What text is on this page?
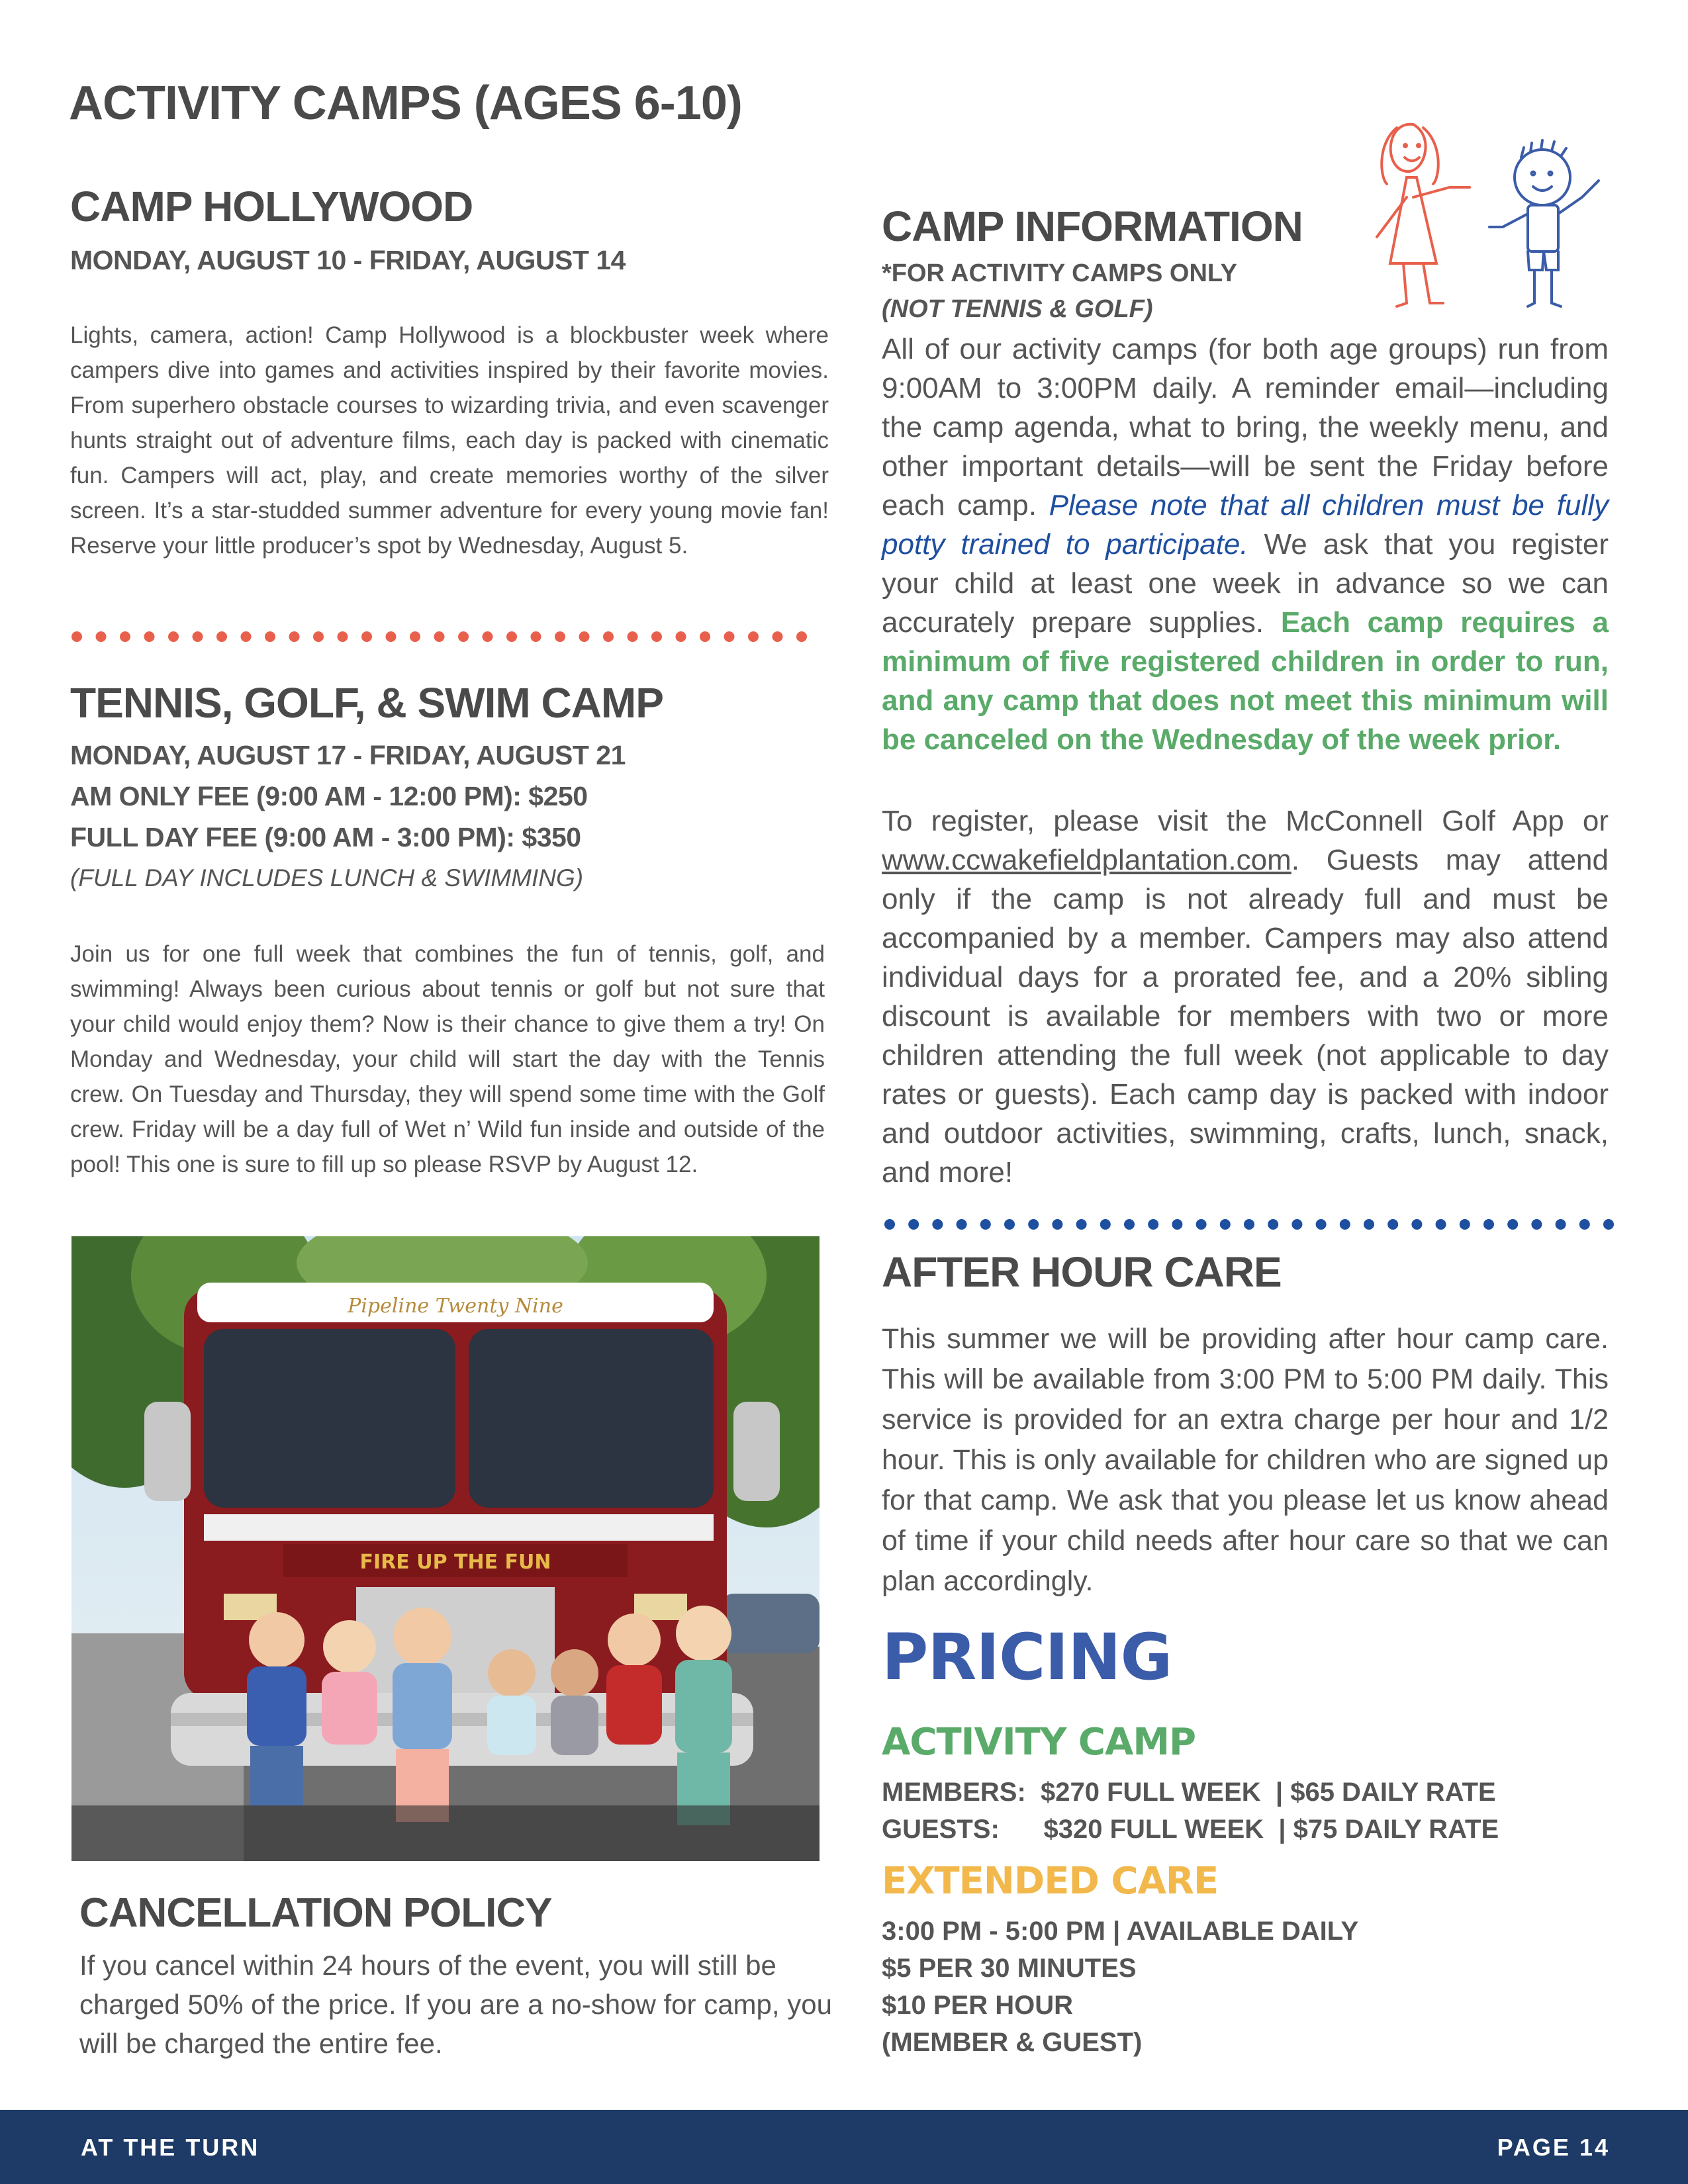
ACTIVITY CAMPS (AGES 6-10)
CAMP HOLLYWOOD
MONDAY, AUGUST 10 - FRIDAY, AUGUST 14

Lights, camera, action! Camp Hollywood is a blockbuster week where campers dive into games and activities inspired by their favorite movies. From superhero obstacle courses to wizarding trivia, and even scavenger hunts straight out of adventure films, each day is packed with cinematic fun. Campers will act, play, and create memories worthy of the silver screen. It’s a star-studded summer adventure for every young movie fan! Reserve your little producer’s spot by Wednesday, August 5.

TENNIS, GOLF, & SWIM CAMP
MONDAY, AUGUST 17 - FRIDAY, AUGUST 21
AM ONLY FEE (9:00 AM - 12:00 PM): $250
FULL DAY FEE (9:00 AM - 3:00 PM): $350
(FULL DAY INCLUDES LUNCH & SWIMMING)

Join us for one full week that combines the fun of tennis, golf, and swimming! Always been curious about tennis or golf but not sure that your child would enjoy them? Now is their chance to give them a try! On Monday and Wednesday, your child will start the day with the Tennis crew. On Tuesday and Thursday, they will spend some time with the Golf crew. Friday will be a day full of Wet n’ Wild fun inside and outside of the pool! This one is sure to fill up so please RSVP by August 12.

Pipeline Twenty Nine
FIRE UP THE FUN
CANCELLATION POLICY

If you cancel within 24 hours of the event, you will still be charged 50% of the price. If you are a no-show for camp, you will be charged the entire fee.

CAMP INFORMATION
*FOR ACTIVITY CAMPS ONLY
(NOT TENNIS & GOLF)

All of our activity camps (for both age groups) run from 9:00AM to 3:00PM daily. A reminder email—including the camp agenda, what to bring, the weekly menu, and other important details—will be sent the Friday before each camp. Please note that all children must be fully potty trained to participate. We ask that you register your child at least one week in advance so we can accurately prepare supplies. Each camp requires a minimum of five registered children in order to run, and any camp that does not meet this minimum will be canceled on the Wednesday of the week prior.

To register, please visit the McConnell Golf App or www.ccwakefieldplantation.com. Guests may attend only if the camp is not already full and must be accompanied by a member. Campers may also attend individual days for a prorated fee, and a 20% sibling discount is available for members with two or more children attending the full week (not applicable to day rates or guests). Each camp day is packed with indoor and outdoor activities, swimming, crafts, lunch, snack, and more!

AFTER HOUR CARE

This summer we will be providing after hour camp care. This will be available from 3:00 PM to 5:00 PM daily. This service is provided for an extra charge per hour and 1/2 hour. This is only available for children who are signed up for that camp. We ask that you please let us know ahead of time if your child needs after hour care so that we can plan accordingly.

PRICING
ACTIVITY CAMP
MEMBERS:  $270 FULL WEEK  | $65 DAILY RATE
GUESTS:      $320 FULL WEEK  | $75 DAILY RATE
EXTENDED CARE
3:00 PM - 5:00 PM | AVAILABLE DAILY
$5 PER 30 MINUTES
$10 PER HOUR
(MEMBER & GUEST)
AT THE TURN	PAGE 14
